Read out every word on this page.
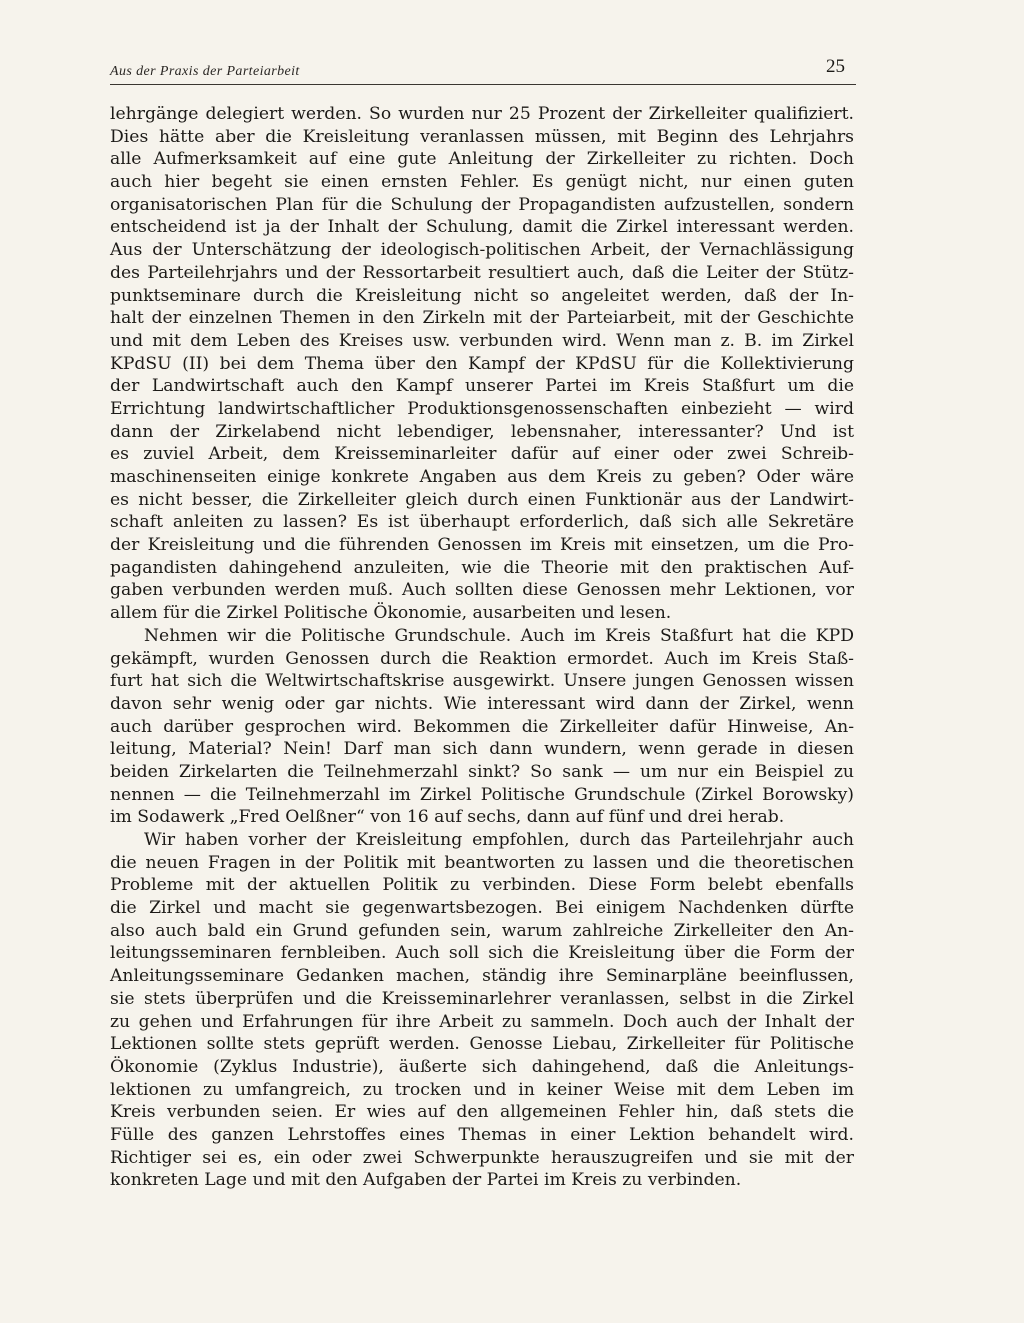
Aus der Praxis der Parteiarbeit	25
lehrgänge delegiert werden. So wurden nur 25 Prozent der Zirkelleiter qualifiziert.
Dies hätte aber die Kreisleitung veranlassen müssen, mit Beginn des Lehrjahrs
alle Aufmerksamkeit auf eine gute Anleitung der Zirkelleiter zu richten. Doch
auch hier begeht sie einen ernsten Fehler. Es genügt nicht, nur einen guten
organisatorischen Plan für die Schulung der Propagandisten aufzustellen, sondern
entscheidend ist ja der Inhalt der Schulung, damit die Zirkel interessant werden.
Aus der Unterschätzung der ideologisch-politischen Arbeit, der Vernachlässigung
des Parteilehrjahrs und der Ressortarbeit resultiert auch, daß die Leiter der Stütz-
punktseminare durch die Kreisleitung nicht so angeleitet werden, daß der In-
halt der einzelnen Themen in den Zirkeln mit der Parteiarbeit, mit der Geschichte
und mit dem Leben des Kreises usw. verbunden wird. Wenn man z. B. im Zirkel
KPdSU (II) bei dem Thema über den Kampf der KPdSU für die Kollektivierung
der Landwirtschaft auch den Kampf unserer Partei im Kreis Staßfurt um die
Errichtung landwirtschaftlicher Produktionsgenossenschaften einbezieht — wird
dann der Zirkelabend nicht lebendiger, lebensnaher, interessanter? Und ist
es zuviel Arbeit, dem Kreisseminarleiter dafür auf einer oder zwei Schreib-
maschinenseiten einige konkrete Angaben aus dem Kreis zu geben? Oder wäre
es nicht besser, die Zirkelleiter gleich durch einen Funktionär aus der Landwirt-
schaft anleiten zu lassen? Es ist überhaupt erforderlich, daß sich alle Sekretäre
der Kreisleitung und die führenden Genossen im Kreis mit einsetzen, um die Pro-
pagandisten dahingehend anzuleiten, wie die Theorie mit den praktischen Auf-
gaben verbunden werden muß. Auch sollten diese Genossen mehr Lektionen, vor
allem für die Zirkel Politische Ökonomie, ausarbeiten und lesen.
Nehmen wir die Politische Grundschule. Auch im Kreis Staßfurt hat die KPD
gekämpft, wurden Genossen durch die Reaktion ermordet. Auch im Kreis Staß-
furt hat sich die Weltwirtschaftskrise ausgewirkt. Unsere jungen Genossen wissen
davon sehr wenig oder gar nichts. Wie interessant wird dann der Zirkel, wenn
auch darüber gesprochen wird. Bekommen die Zirkelleiter dafür Hinweise, An-
leitung, Material? Nein! Darf man sich dann wundern, wenn gerade in diesen
beiden Zirkelarten die Teilnehmerzahl sinkt? So sank — um nur ein Beispiel zu
nennen — die Teilnehmerzahl im Zirkel Politische Grundschule (Zirkel Borowsky)
im Sodawerk „Fred Oelßner“ von 16 auf sechs, dann auf fünf und drei herab.
Wir haben vorher der Kreisleitung empfohlen, durch das Parteilehrjahr auch
die neuen Fragen in der Politik mit beantworten zu lassen und die theoretischen
Probleme mit der aktuellen Politik zu verbinden. Diese Form belebt ebenfalls
die Zirkel und macht sie gegenwartsbezogen. Bei einigem Nachdenken dürfte
also auch bald ein Grund gefunden sein, warum zahlreiche Zirkelleiter den An-
leitungsseminaren fernbleiben. Auch soll sich die Kreisleitung über die Form der
Anleitungsseminare Gedanken machen, ständig ihre Seminarpläne beeinflussen,
sie stets überprüfen und die Kreisseminarlehrer veranlassen, selbst in die Zirkel
zu gehen und Erfahrungen für ihre Arbeit zu sammeln. Doch auch der Inhalt der
Lektionen sollte stets geprüft werden. Genosse Liebau, Zirkelleiter für Politische
Ökonomie (Zyklus Industrie), äußerte sich dahingehend, daß die Anleitungs-
lektionen zu umfangreich, zu trocken und in keiner Weise mit dem Leben im
Kreis verbunden seien. Er wies auf den allgemeinen Fehler hin, daß stets die
Fülle des ganzen Lehrstoffes eines Themas in einer Lektion behandelt wird.
Richtiger sei es, ein oder zwei Schwerpunkte herauszugreifen und sie mit der
konkreten Lage und mit den Aufgaben der Partei im Kreis zu verbinden.
